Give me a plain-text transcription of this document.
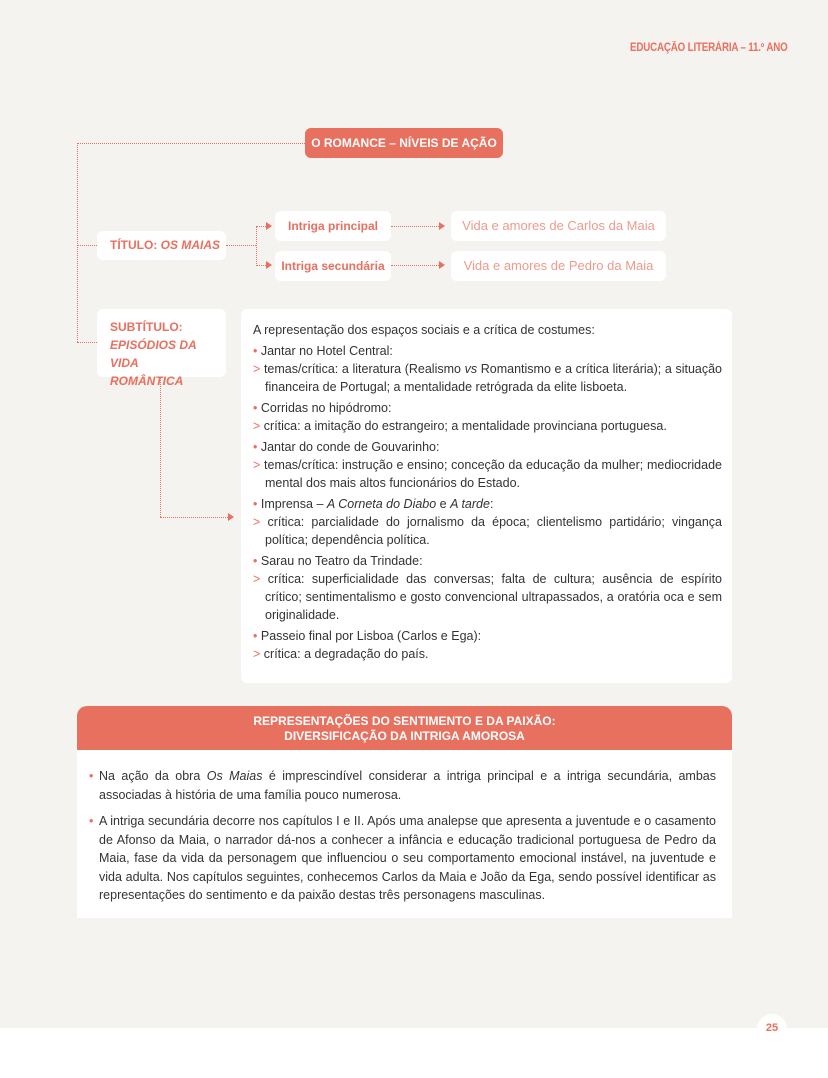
EDUCAÇÃO LITERÁRIA – 11.º ANO
O ROMANCE – NÍVEIS DE AÇÃO
TÍTULO: OS MAIAS
Intriga principal
Intriga secundária
Vida e amores de Carlos da Maia
Vida e amores de Pedro da Maia
SUBTÍTULO:
EPISÓDIOS DA VIDA ROMÂNTICA
A representação dos espaços sociais e a crítica de costumes:
• Jantar no Hotel Central:
> temas/crítica: a literatura (Realismo vs Romantismo e a crítica literária); a situação financeira de Portugal; a mentalidade retrógrada da elite lisboeta.
• Corridas no hipódromo:
> crítica: a imitação do estrangeiro; a mentalidade provinciana portuguesa.
• Jantar do conde de Gouvarinho:
> temas/crítica: instrução e ensino; conceção da educação da mulher; mediocridade mental dos mais altos funcionários do Estado.
• Imprensa – A Corneta do Diabo e A tarde:
> crítica: parcialidade do jornalismo da época; clientelismo partidário; vingança política; dependência política.
• Sarau no Teatro da Trindade:
> crítica: superficialidade das conversas; falta de cultura; ausência de espírito crítico; sentimentalismo e gosto convencional ultrapassados, a oratória oca e sem originalidade.
• Passeio final por Lisboa (Carlos e Ega):
> crítica: a degradação do país.
REPRESENTAÇÕES DO SENTIMENTO E DA PAIXÃO:
DIVERSIFICAÇÃO DA INTRIGA AMOROSA

• Na ação da obra Os Maias é imprescindível considerar a intriga principal e a intriga secundária, ambas associadas à história de uma família pouco numerosa.

• A intriga secundária decorre nos capítulos I e II. Após uma analepse que apresenta a juventude e o casamento de Afonso da Maia, o narrador dá-nos a conhecer a infância e educação tradicional portuguesa de Pedro da Maia, fase da vida da personagem que influenciou o seu comportamento emocional instável, na juventude e vida adulta. Nos capítulos seguintes, conhecemos Carlos da Maia e João da Ega, sendo possível identificar as representações do sentimento e da paixão destas três personagens masculinas.

25
